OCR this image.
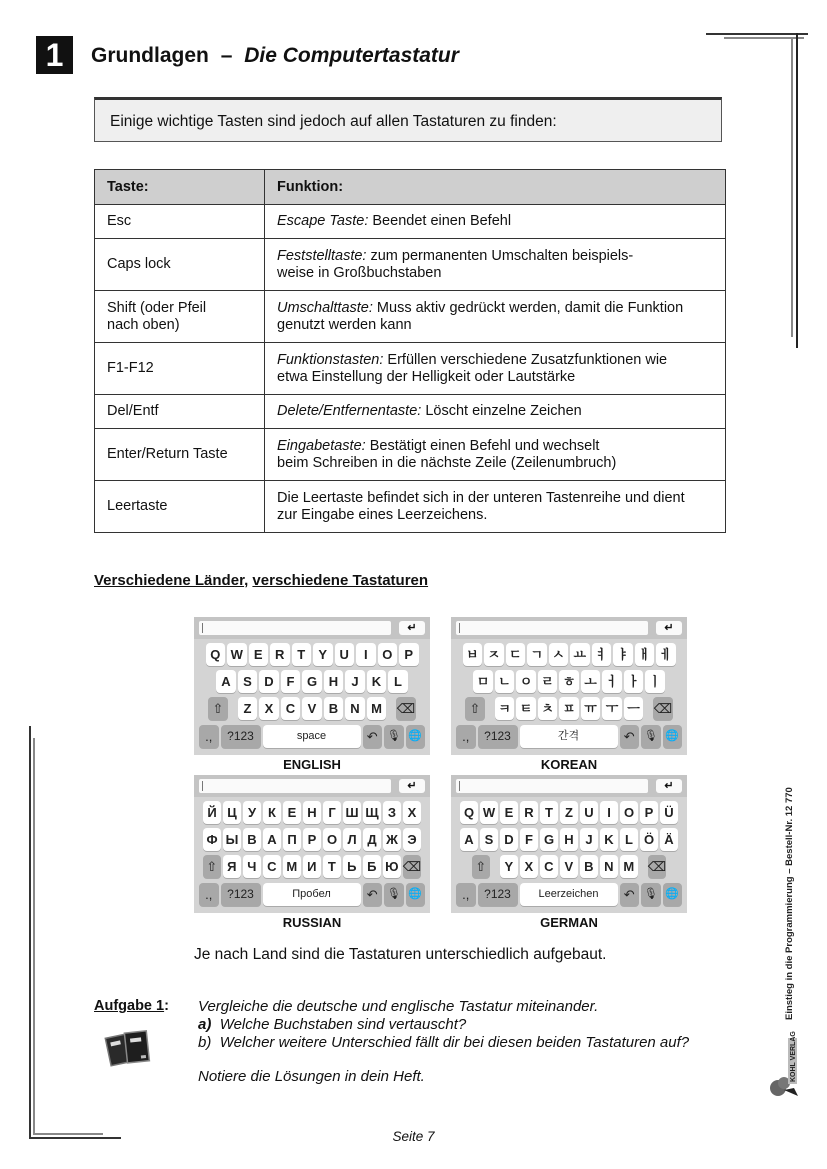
1	Grundlagen – Die Computertastatur
Einige wichtige Tasten sind jedoch auf allen Tastaturen zu finden:
Taste:	Funktion:
Esc	Escape Taste: Beendet einen Befehl
Caps lock	Feststelltaste: zum permanenten Umschalten beispiels-
weise in Großbuchstaben
Shift (oder Pfeil
nach oben)	Umschalttaste: Muss aktiv gedrückt werden, damit die Funktion
genutzt werden kann
F1-F12	Funktionstasten: Erfüllen verschiedene Zusatzfunktionen wie
etwa Einstellung der Helligkeit oder Lautstärke
Del/Entf	Delete/Entfernentaste: Löscht einzelne Zeichen
Enter/Return Taste	Eingabetaste: Bestätigt einen Befehl und wechselt
beim Schreiben in die nächste Zeile (Zeilenumbruch)
Leertaste	Die Leertaste befindet sich in der unteren Tastenreihe und dient
zur Eingabe eines Leerzeichens.
Verschiedene Länder, verschiedene Tastaturen
↵
Q W E R T	Y U	I	O P
A S D F G H	J	K L
⇧	Z	X C V B N M	⌫
.,	?123	space	↶ 🎙 🌐
ENGLISH
↵
ㅂ ㅈ ㄷ ㄱ ㅅ ㅛ ㅕ ㅑ ㅐ ㅔ
ㅁ ㄴ ㅇ ㄹ ㅎ ㅗ ㅓ ㅏ ㅣ
⇧	ㅋ ㅌ ㅊ ㅍ ㅠ ㅜ ㅡ ⌫
.,	?123	간격	↶ 🎙 🌐
KOREAN
↵
Й Ц У К Е Н Г Ш Щ З Х
Ф Ы В А П Р О Л Д Ж Э
⇧ Я Ч С М И Т Ь Б Ю ⌫
.,	?123	Пробел	↶ 🎙 🌐
RUSSIAN
↵
Q W E R T Z U	I	O P Ü
A S D F G H J K L Ö Ä
⇧	Y X C V B N M ⌫
.,	?123	Leerzeichen	↶ 🎙 🌐
GERMAN
Je nach Land sind die Tastaturen unterschiedlich aufgebaut.
Aufgabe 1: Vergleiche die deutsche und englische Tastatur miteinander.
a) Welche Buchstaben sind vertauscht?
b) Welcher weitere Unterschied fällt dir bei diesen beiden Tastaturen auf?
Notiere die Lösungen in dein Heft.
Seite 7
Einstieg in die Programmierung – Bestell-Nr. 12 770
KOHL VERLAG
